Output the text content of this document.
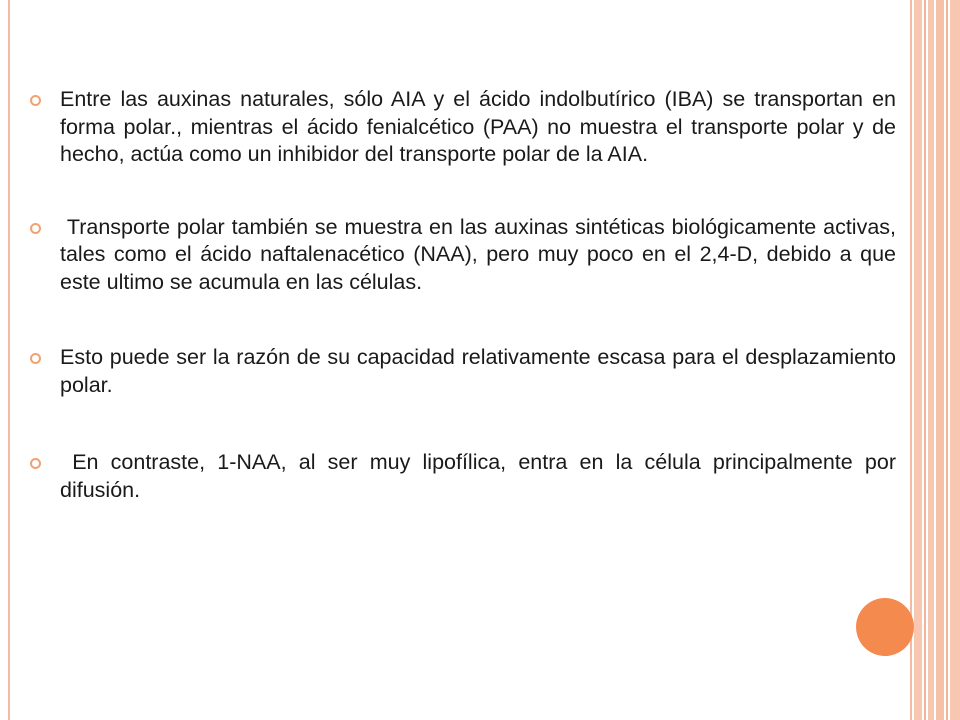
Entre las auxinas naturales, sólo AIA y el ácido indolbutírico (IBA) se transportan en forma polar., mientras el ácido fenialcético (PAA) no muestra el transporte polar y de hecho, actúa como un inhibidor del transporte polar de la AIA.
Transporte polar también se muestra en las auxinas sintéticas biológicamente activas, tales como el ácido naftalenacético (NAA), pero muy poco en el 2,4-D, debido a que este ultimo se acumula en las células.
Esto puede ser la razón de su capacidad relativamente escasa para el desplazamiento polar.
En contraste, 1-NAA, al ser muy lipofílica, entra en la célula principalmente por difusión.
